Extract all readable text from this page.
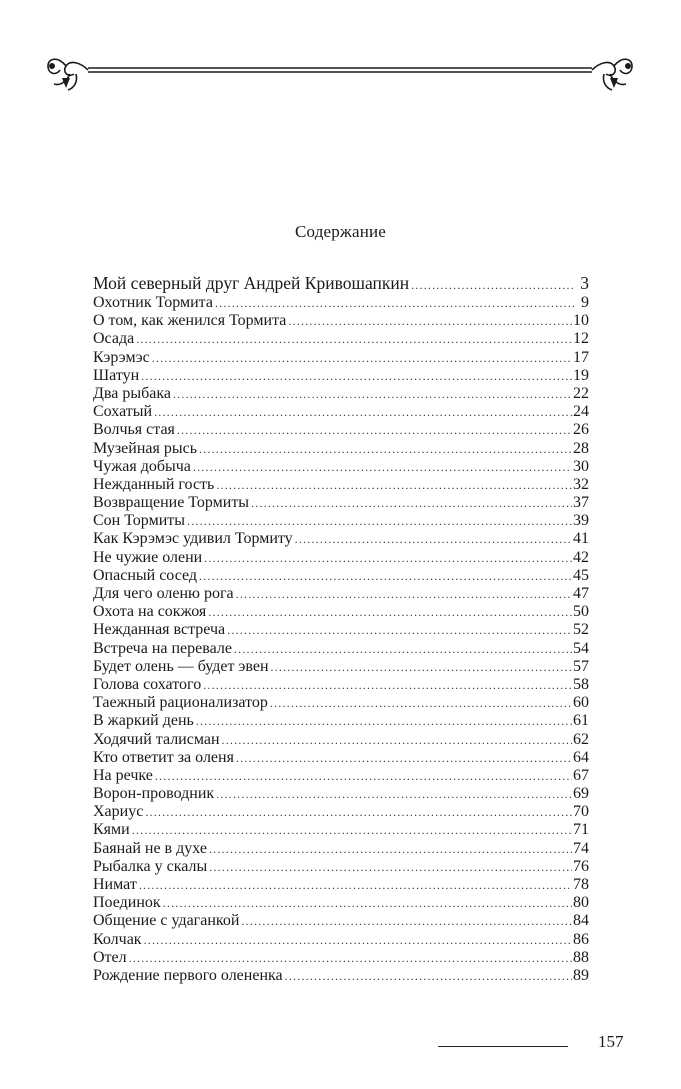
Содержание
Мой северный друг Андрей Кривошапкин .....	3
Охотник Тормита .....	9
О том, как женился Тормита .....	10
Осада .....	12
Кэрэмэс .....	17
Шатун .....	19
Два рыбака .....	22
Сохатый .....	24
Волчья стая .....	26
Музейная рысь .....	28
Чужая добыча .....	30
Нежданный гость .....	32
Возвращение Тормиты .....	37
Сон Тормиты .....	39
Как Кэрэмэс удивил Тормиту .....	41
Не чужие олени .....	42
Опасный сосед .....	45
Для чего оленю рога .....	47
Охота на сокжоя .....	50
Нежданная встреча .....	52
Встреча на перевале .....	54
Будет олень — будет эвен .....	57
Голова сохатого .....	58
Таежный рационализатор .....	60
В жаркий день .....	61
Ходячий талисман .....	62
Кто ответит за оленя .....	64
На речке .....	67
Ворон-проводник .....	69
Хариус .....	70
Кями .....	71
Баянай не в духе .....	74
Рыбалка у скалы .....	76
Нимат .....	78
Поединок .....	80
Общение с удаганкой .....	84
Колчак .....	86
Отел .....	88
Рождение первого олененка .....	89
157
